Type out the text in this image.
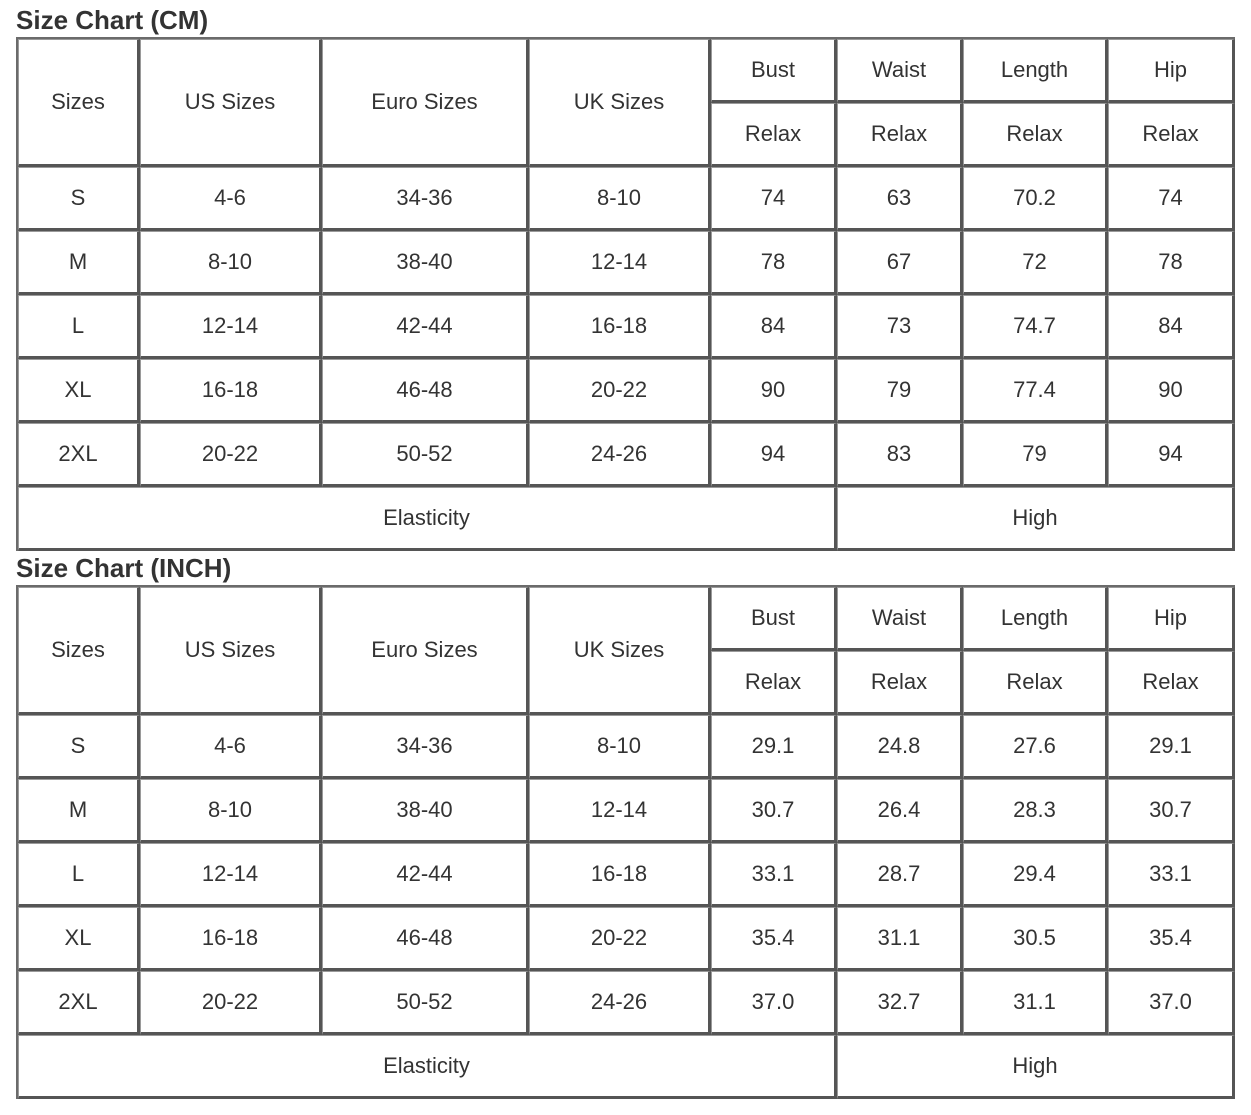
Size Chart (CM)
Sizes	US Sizes	Euro Sizes	UK Sizes	Bust	Waist	Length	Hip
				Relax	Relax	Relax	Relax
S	4-6	34-36	8-10	74	63	70.2	74
M	8-10	38-40	12-14	78	67	72	78
L	12-14	42-44	16-18	84	73	74.7	84
XL	16-18	46-48	20-22	90	79	77.4	90
2XL	20-22	50-52	24-26	94	83	79	94
Elasticity					High		
Size Chart (INCH)
Sizes	US Sizes	Euro Sizes	UK Sizes	Bust	Waist	Length	Hip
				Relax	Relax	Relax	Relax
S	4-6	34-36	8-10	29.1	24.8	27.6	29.1
M	8-10	38-40	12-14	30.7	26.4	28.3	30.7
L	12-14	42-44	16-18	33.1	28.7	29.4	33.1
XL	16-18	46-48	20-22	35.4	31.1	30.5	35.4
2XL	20-22	50-52	24-26	37.0	32.7	31.1	37.0
Elasticity					High		
